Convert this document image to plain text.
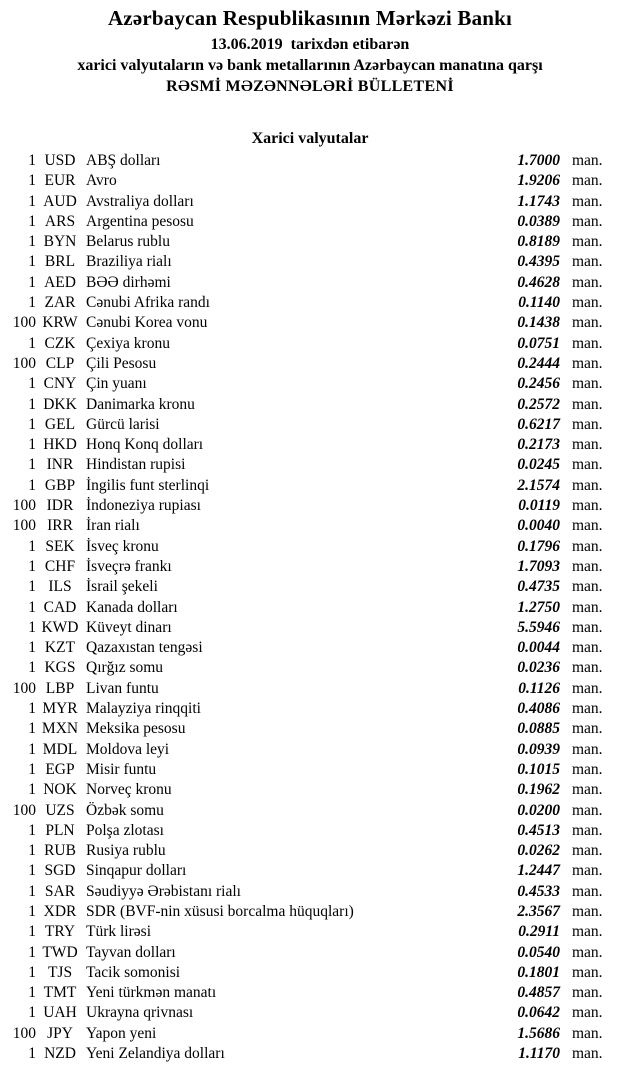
Azərbaycan Respublikasının Mərkəzi Bankı
13.06.2019  tarixdən etibarən
xarici valyutaların və bank metallarının Azərbaycan manatına qarşı
RƏSMİ MƏZƏNNƏLƏRİ BÜLLETENİ
Xarici valyutalar
1 USD ABŞ dolları	1.7000 man.
1 EUR Avro	1.9206 man.
1 AUD Avstraliya dolları	1.1743 man.
1 ARS Argentina pesosu	0.0389 man.
1 BYN Belarus rublu	0.8189 man.
1 BRL Braziliya rialı	0.4395 man.
1 AED BƏƏ dirhəmi	0.4628 man.
1 ZAR Cənubi Afrika randı	0.1140 man.
100 KRW Cənubi Korea vonu	0.1438 man.
1 CZK Çexiya kronu	0.0751 man.
100 CLP Çili Pesosu	0.2444 man.
1 CNY Çin yuanı	0.2456 man.
1 DKK Danimarka kronu	0.2572 man.
1 GEL Gürcü larisi	0.6217 man.
1 HKD Honq Konq dolları	0.2173 man.
1 INR Hindistan rupisi	0.0245 man.
1 GBP İngilis funt sterlinqi	2.1574 man.
100 IDR İndoneziya rupiası	0.0119 man.
100 IRR İran rialı	0.0040 man.
1 SEK İsveç kronu	0.1796 man.
1 CHF İsveçrə frankı	1.7093 man.
1 ILS İsrail şekeli	0.4735 man.
1 CAD Kanada dolları	1.2750 man.
1 KWD Küveyt dinarı	5.5946 man.
1 KZT Qazaxıstan tengəsi	0.0044 man.
1 KGS Qırğız somu	0.0236 man.
100 LBP Livan funtu	0.1126 man.
1 MYR Malayziya rinqqiti	0.4086 man.
1 MXN Meksika pesosu	0.0885 man.
1 MDL Moldova leyi	0.0939 man.
1 EGP Misir funtu	0.1015 man.
1 NOK Norveç kronu	0.1962 man.
100 UZS Özbək somu	0.0200 man.
1 PLN Polşa zlotası	0.4513 man.
1 RUB Rusiya rublu	0.0262 man.
1 SGD Sinqapur dolları	1.2447 man.
1 SAR Səudiyyə Ərəbistanı rialı	0.4533 man.
1 XDR SDR (BVF-nin xüsusi borcalma hüquqları)	2.3567 man.
1 TRY Türk lirəsi	0.2911 man.
1 TWD Tayvan dolları	0.0540 man.
1 TJS Tacik somonisi	0.1801 man.
1 TMT Yeni türkmən manatı	0.4857 man.
1 UAH Ukrayna qrivnası	0.0642 man.
100 JPY Yapon yeni	1.5686 man.
1 NZD Yeni Zelandiya dolları	1.1170 man.
